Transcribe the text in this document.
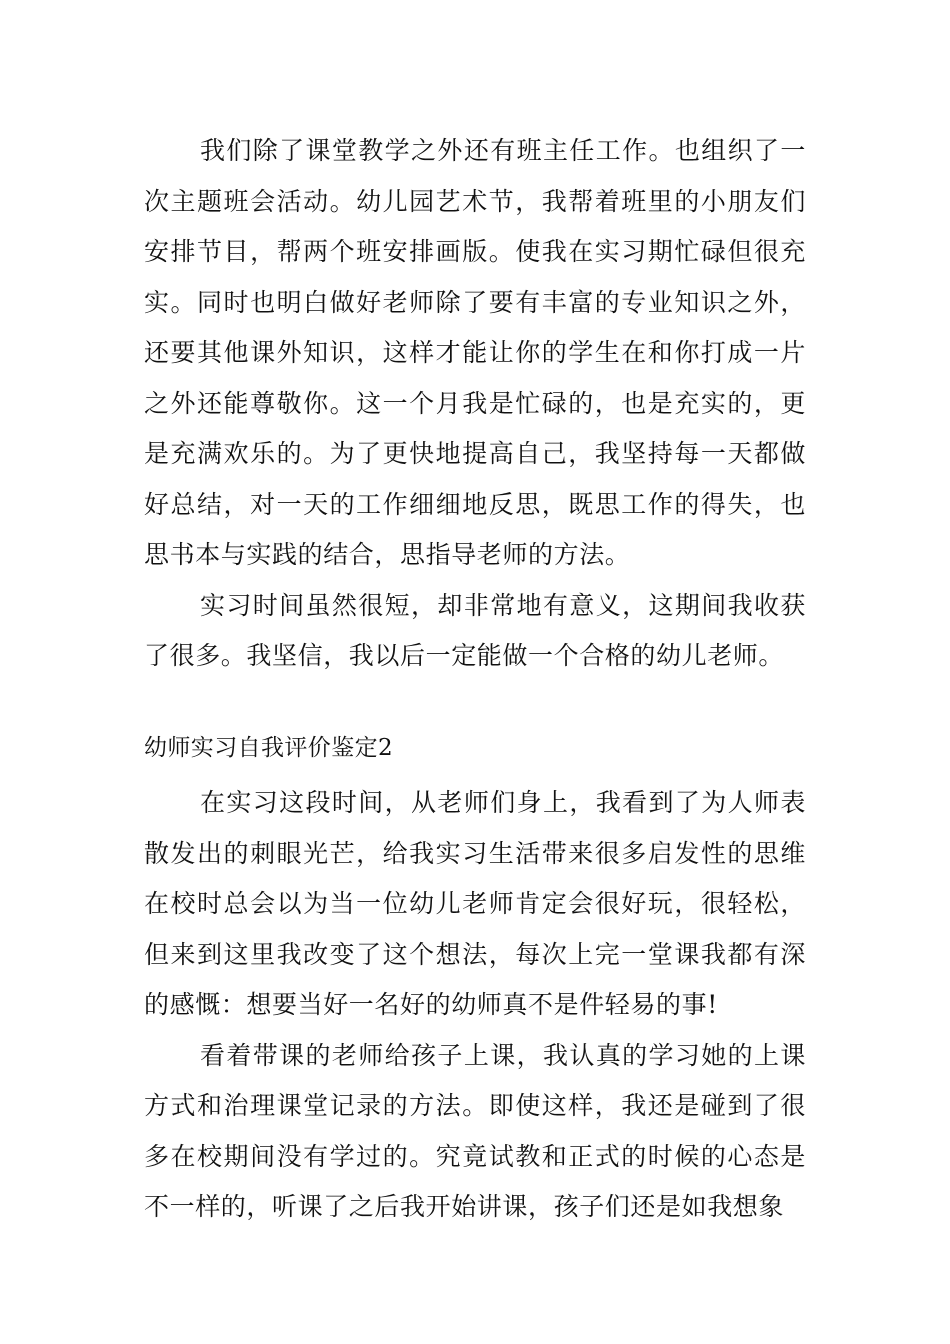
我们除了课堂教学之外还有班主任工作。也组织了一次主题班会活动。幼儿园艺术节，我帮着班里的小朋友们安排节目，帮两个班安排画版。使我在实习期忙碌但很充实。同时也明白做好老师除了要有丰富的专业知识之外，还要其他课外知识，这样才能让你的学生在和你打成一片之外还能尊敬你。这一个月我是忙碌的，也是充实的，更是充满欢乐的。为了更快地提高自己，我坚持每一天都做好总结，对一天的工作细细地反思，既思工作的得失，也思书本与实践的结合，思指导老师的方法。

实习时间虽然很短，却非常地有意义，这期间我收获了很多。我坚信，我以后一定能做一个合格的幼儿老师。

幼师实习自我评价鉴定2

在实习这段时间，从老师们身上，我看到了为人师表散发出的刺眼光芒，给我实习生活带来很多启发性的思维在校时总会以为当一位幼儿老师肯定会很好玩，很轻松，但来到这里我改变了这个想法，每次上完一堂课我都有深的感慨：想要当好一名好的幼师真不是件轻易的事!

看着带课的老师给孩子上课，我认真的学习她的上课方式和治理课堂记录的方法。即使这样，我还是碰到了很多在校期间没有学过的。究竟试教和正式的时候的心态是不一样的，听课了之后我开始讲课，孩子们还是如我想象
